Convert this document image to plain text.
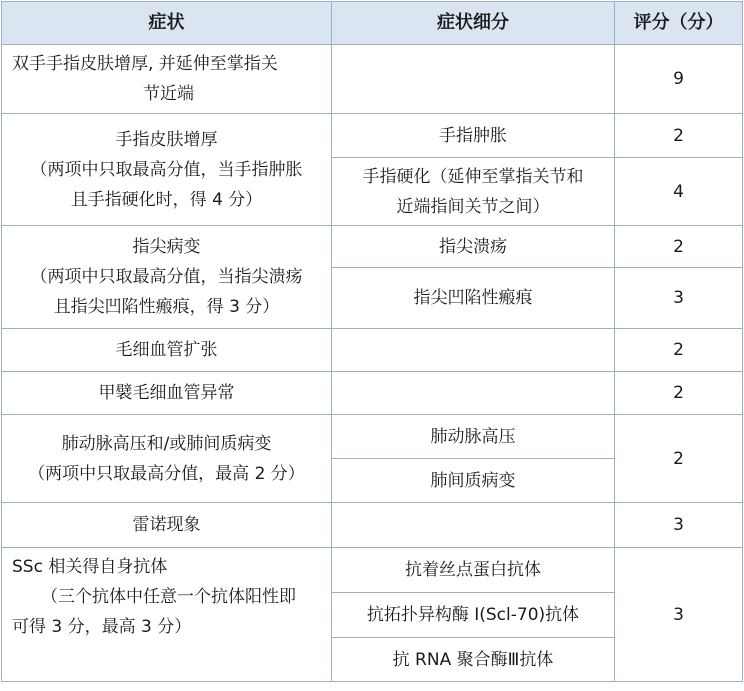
症状	症状细分	评分（分）

双手手指皮肤增厚, 并延伸至掌指关
节近端		9

手指皮肤增厚
（两项中只取最高分值，当手指肿胀
且手指硬化时，得 4 分）	手指肿胀	2

	手指硬化（延伸至掌指关节和
近端指间关节之间）	4

指尖病变
（两项中只取最高分值，当指尖溃疡
且指尖凹陷性瘢痕，得 3 分）	指尖溃疡	2
	指尖凹陷性瘢痕	3
毛细血管扩张		2
甲襞毛细血管异常		2

肺动脉高压和/或肺间质病变
（两项中只取最高分值，最高 2 分）	肺动脉高压	2
	肺间质病变	
雷诺现象		3

SSc 相关得自身抗体
（三个抗体中任意一个抗体阳性即
可得 3 分，最高 3 分）	抗着丝点蛋白抗体	3
	抗拓扑异构酶 I(Scl-70)抗体	
	抗 RNA 聚合酶Ⅲ抗体	
